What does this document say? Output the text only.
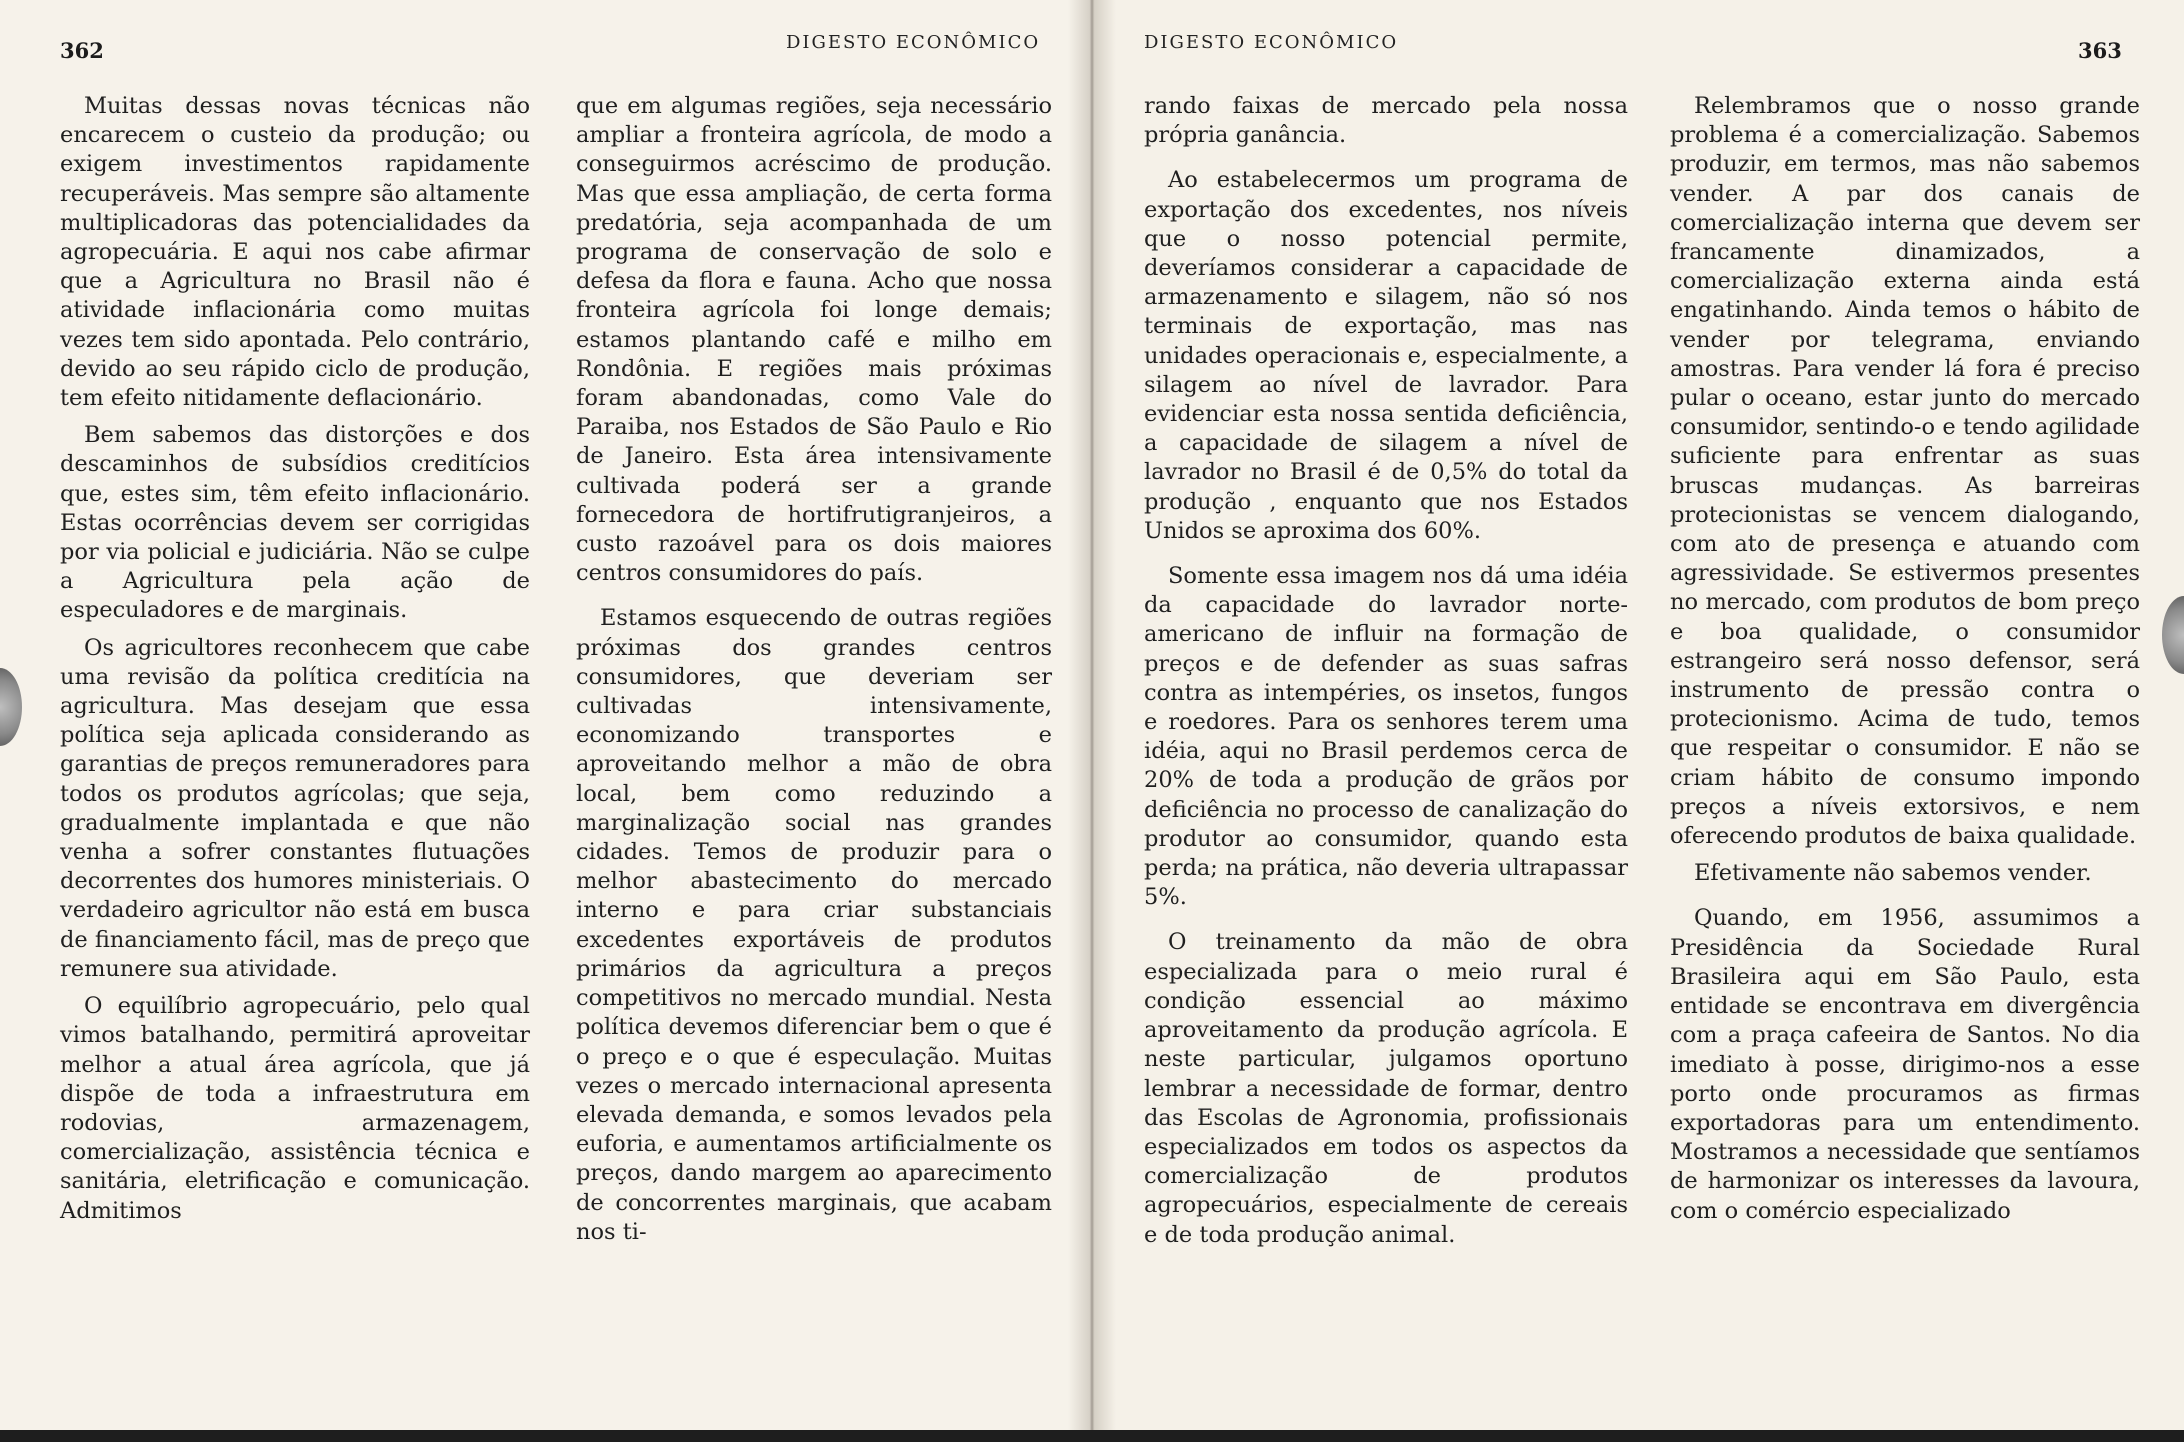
362	DIGESTO ECONÔMICO

Muitas dessas novas técnicas não encarecem o custeio da produção; ou exigem investimentos rapidamente recuperáveis. Mas sempre são altamente multiplicadoras das potencialidades da agropecuária. E aqui nos cabe afirmar que a Agricultura no Brasil não é atividade inflacionária como muitas vezes tem sido apontada. Pelo contrário, devido ao seu rápido ciclo de produção, tem efeito nitidamente deflacionário.

Bem sabemos das distorções e dos descaminhos de subsídios creditícios que, estes sim, têm efeito inflacionário. Estas ocorrências devem ser corrigidas por via policial e judiciária. Não se culpe a Agricultura pela ação de especuladores e de marginais.

Os agricultores reconhecem que cabe uma revisão da política creditícia na agricultura. Mas desejam que essa política seja aplicada considerando as garantias de preços remuneradores para todos os produtos agrícolas; que seja, gradualmente implantada e que não venha a sofrer constantes flutuações decorrentes dos humores ministeriais. O verdadeiro agricultor não está em busca de financiamento fácil, mas de preço que remunere sua atividade.

O equilíbrio agropecuário, pelo qual vimos batalhando, permitirá aproveitar melhor a atual área agrícola, que já dispõe de toda a infraestrutura em rodovias, armazenagem, comercialização, assistência técnica e sanitária, eletrificação e comunicação. Admitimos

que em algumas regiões, seja necessário ampliar a fronteira agrícola, de modo a conseguirmos acréscimo de produção. Mas que essa ampliação, de certa forma predatória, seja acompanhada de um programa de conservação de solo e defesa da flora e fauna. Acho que nossa fronteira agrícola foi longe demais; estamos plantando café e milho em Rondônia. E regiões mais próximas foram abandonadas, como Vale do Paraiba, nos Estados de São Paulo e Rio de Janeiro. Esta área intensivamente cultivada poderá ser a grande fornecedora de hortifrutigranjeiros, a custo razoável para os dois maiores centros consumidores do país.

Estamos esquecendo de outras regiões próximas dos grandes centros consumidores, que deveriam ser cultivadas intensivamente, economizando transportes e aproveitando melhor a mão de obra local, bem como reduzindo a marginalização social nas grandes cidades. Temos de produzir para o melhor abastecimento do mercado interno e para criar substanciais excedentes exportáveis de produtos primários da agricultura a preços competitivos no mercado mundial. Nesta política devemos diferenciar bem o que é o preço e o que é especulação. Muitas vezes o mercado internacional apresenta elevada demanda, e somos levados pela euforia, e aumentamos artificialmente os preços, dando margem ao aparecimento de concorrentes marginais, que acabam nos ti-

DIGESTO ECONÔMICO	363

rando faixas de mercado pela nossa própria ganância.

Ao estabelecermos um programa de exportação dos excedentes, nos níveis que o nosso potencial permite, deveríamos considerar a capacidade de armazenamento e silagem, não só nos terminais de exportação, mas nas unidades operacionais e, especialmente, a silagem ao nível de lavrador. Para evidenciar esta nossa sentida deficiência, a capacidade de silagem a nível de lavrador no Brasil é de 0,5% do total da produção , enquanto que nos Estados Unidos se aproxima dos 60%.

Somente essa imagem nos dá uma idéia da capacidade do lavrador norte-americano de influir na formação de preços e de defender as suas safras contra as intempéries, os insetos, fungos e roedores. Para os senhores terem uma idéia, aqui no Brasil perdemos cerca de 20% de toda a produção de grãos por deficiência no processo de canalização do produtor ao consumidor, quando esta perda; na prática, não deveria ultrapassar 5%.

O treinamento da mão de obra especializada para o meio rural é condição essencial ao máximo aproveitamento da produção agrícola. E neste particular, julgamos oportuno lembrar a necessidade de formar, dentro das Escolas de Agronomia, profissionais especializados em todos os aspectos da comercialização de produtos agropecuários, especialmente de cereais e de toda produção animal.

Relembramos que o nosso grande problema é a comercialização. Sabemos produzir, em termos, mas não sabemos vender. A par dos canais de comercialização interna que devem ser francamente dinamizados, a comercialização externa ainda está engatinhando. Ainda temos o hábito de vender por telegrama, enviando amostras. Para vender lá fora é preciso pular o oceano, estar junto do mercado consumidor, sentindo-o e tendo agilidade suficiente para enfrentar as suas bruscas mudanças. As barreiras protecionistas se vencem dialogando, com ato de presença e atuando com agressividade. Se estivermos presentes no mercado, com produtos de bom preço e boa qualidade, o consumidor estrangeiro será nosso defensor, será instrumento de pressão contra o protecionismo. Acima de tudo, temos que respeitar o consumidor. E não se criam hábito de consumo impondo preços a níveis extorsivos, e nem oferecendo produtos de baixa qualidade.

Efetivamente não sabemos vender.

Quando, em 1956, assumimos a Presidência da Sociedade Rural Brasileira aqui em São Paulo, esta entidade se encontrava em divergência com a praça cafeeira de Santos. No dia imediato à posse, dirigimo-nos a esse porto onde procuramos as firmas exportadoras para um entendimento. Mostramos a necessidade que sentíamos de harmonizar os interesses da lavoura, com o comércio especializado
